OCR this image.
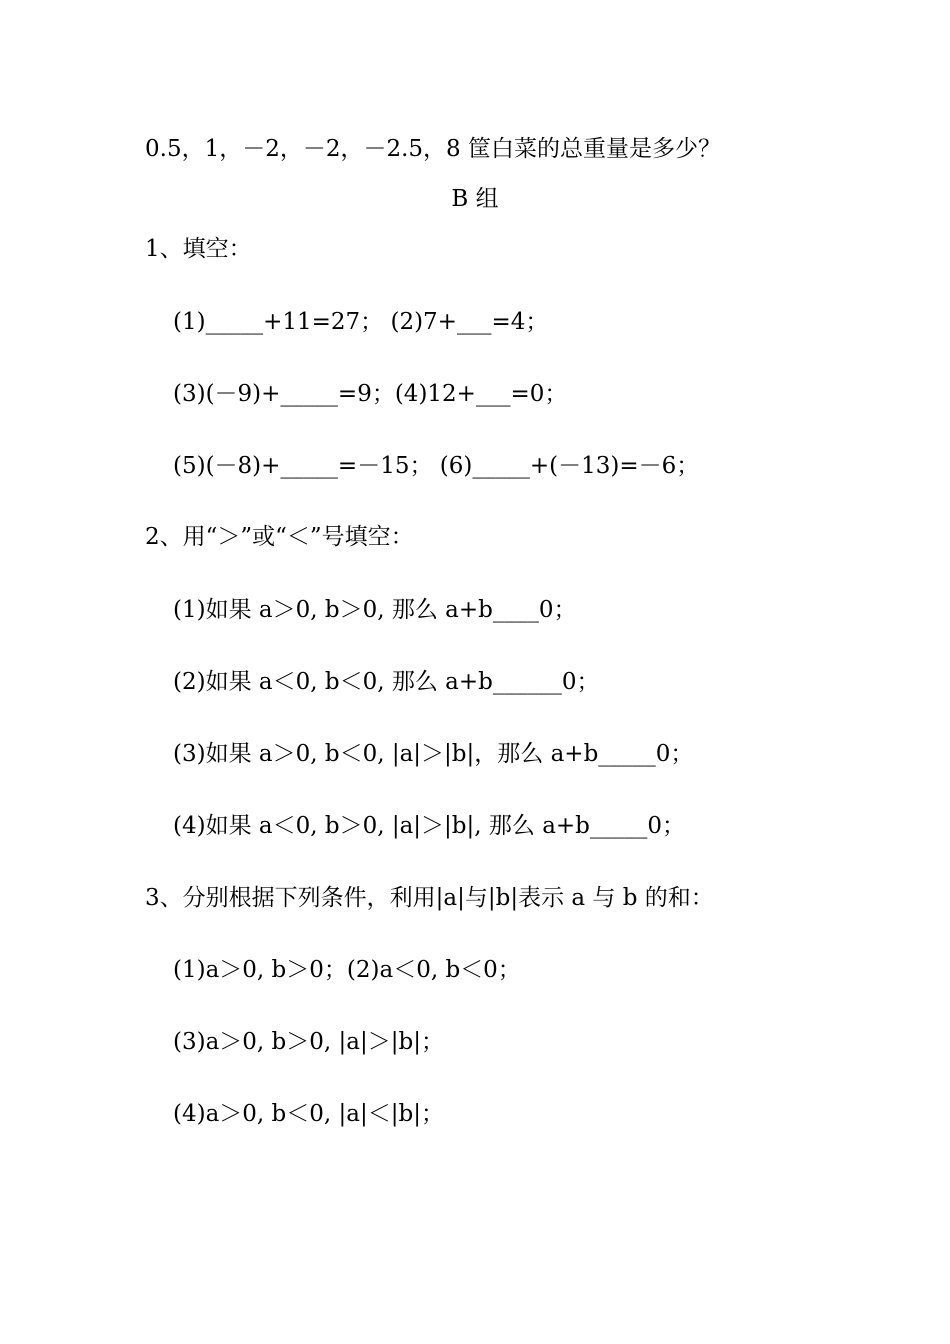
0.5，1，－2，－2，－2.5，8 筐白菜的总重量是多少？
B 组
1、填空：
(1)_____+11=27； (2)7+___=4；
(3)(－9)+_____=9；(4)12+___=0；
(5)(－8)+_____=－15； (6)_____+(－13)=－6；
2、用“＞”或“＜”号填空：
(1)如果 a＞0, b＞0, 那么 a+b____0；
(2)如果 a＜0, b＜0, 那么 a+b______0；
(3)如果 a＞0, b＜0, |a|＞|b|，那么 a+b_____0；
(4)如果 a＜0, b＞0, |a|＞|b|, 那么 a+b_____0；
3、分别根据下列条件，利用|a|与|b|表示 a 与 b 的和：
(1)a＞0, b＞0；(2)a＜0, b＜0；
(3)a＞0, b＞0, |a|＞|b|；
(4)a＞0, b＜0, |a|＜|b|；
